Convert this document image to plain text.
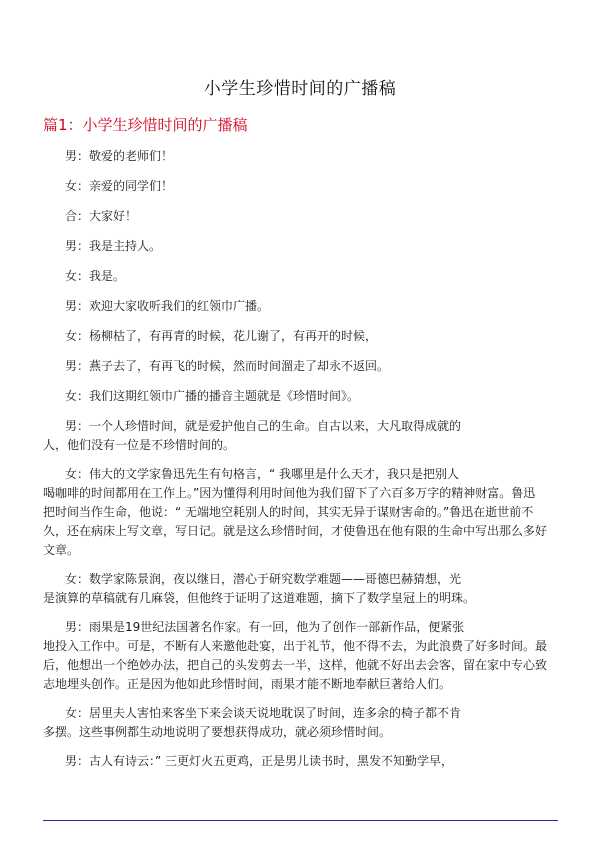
小学生珍惜时间的广播稿
篇1：小学生珍惜时间的广播稿
男：敬爱的老师们！
女：亲爱的同学们！
合：大家好！
男：我是主持人。
女：我是。
男：欢迎大家收听我们的红领巾广播。
女：杨柳枯了，有再青的时候，花儿谢了，有再开的时候，
男：燕子去了，有再飞的时候，然而时间溜走了却永不返回。
女：我们这期红领巾广播的播音主题就是《珍惜时间》。
男：一个人珍惜时间，就是爱护他自己的生命。自古以来，大凡取得成就的
人，他们没有一位是不珍惜时间的。
女：伟大的文学家鲁迅先生有句格言，“ 我哪里是什么天才，我只是把别人
喝咖啡的时间都用在工作上。”因为懂得利用时间他为我们留下了六百多万字的精神财富。鲁迅
把时间当作生命，他说：“ 无端地空耗别人的时间，其实无异于谋财害命的。”鲁迅在逝世前不
久，还在病床上写文章，写日记。就是这么珍惜时间，才使鲁迅在他有限的生命中写出那么多好
文章。
女：数学家陈景润，夜以继日，潜心于研究数学难题——哥德巴赫猜想，光
是演算的草稿就有几麻袋，但他终于证明了这道难题，摘下了数学皇冠上的明珠。
男：雨果是19世纪法国著名作家。有一回，他为了创作一部新作品，便紧张
地投入工作中。可是，不断有人来邀他赴宴，出于礼节，他不得不去，为此浪费了好多时间。最
后，他想出一个绝妙办法，把自己的头发剪去一半，这样，他就不好出去会客，留在家中专心致
志地埋头创作。正是因为他如此珍惜时间，雨果才能不断地奉献巨著给人们。
女：居里夫人害怕来客坐下来会谈天说地耽误了时间，连多余的椅子都不肯
多摆。这些事例都生动地说明了要想获得成功，就必须珍惜时间。
男：古人有诗云：” 三更灯火五更鸡，正是男儿读书时，黑发不知勤学早，
